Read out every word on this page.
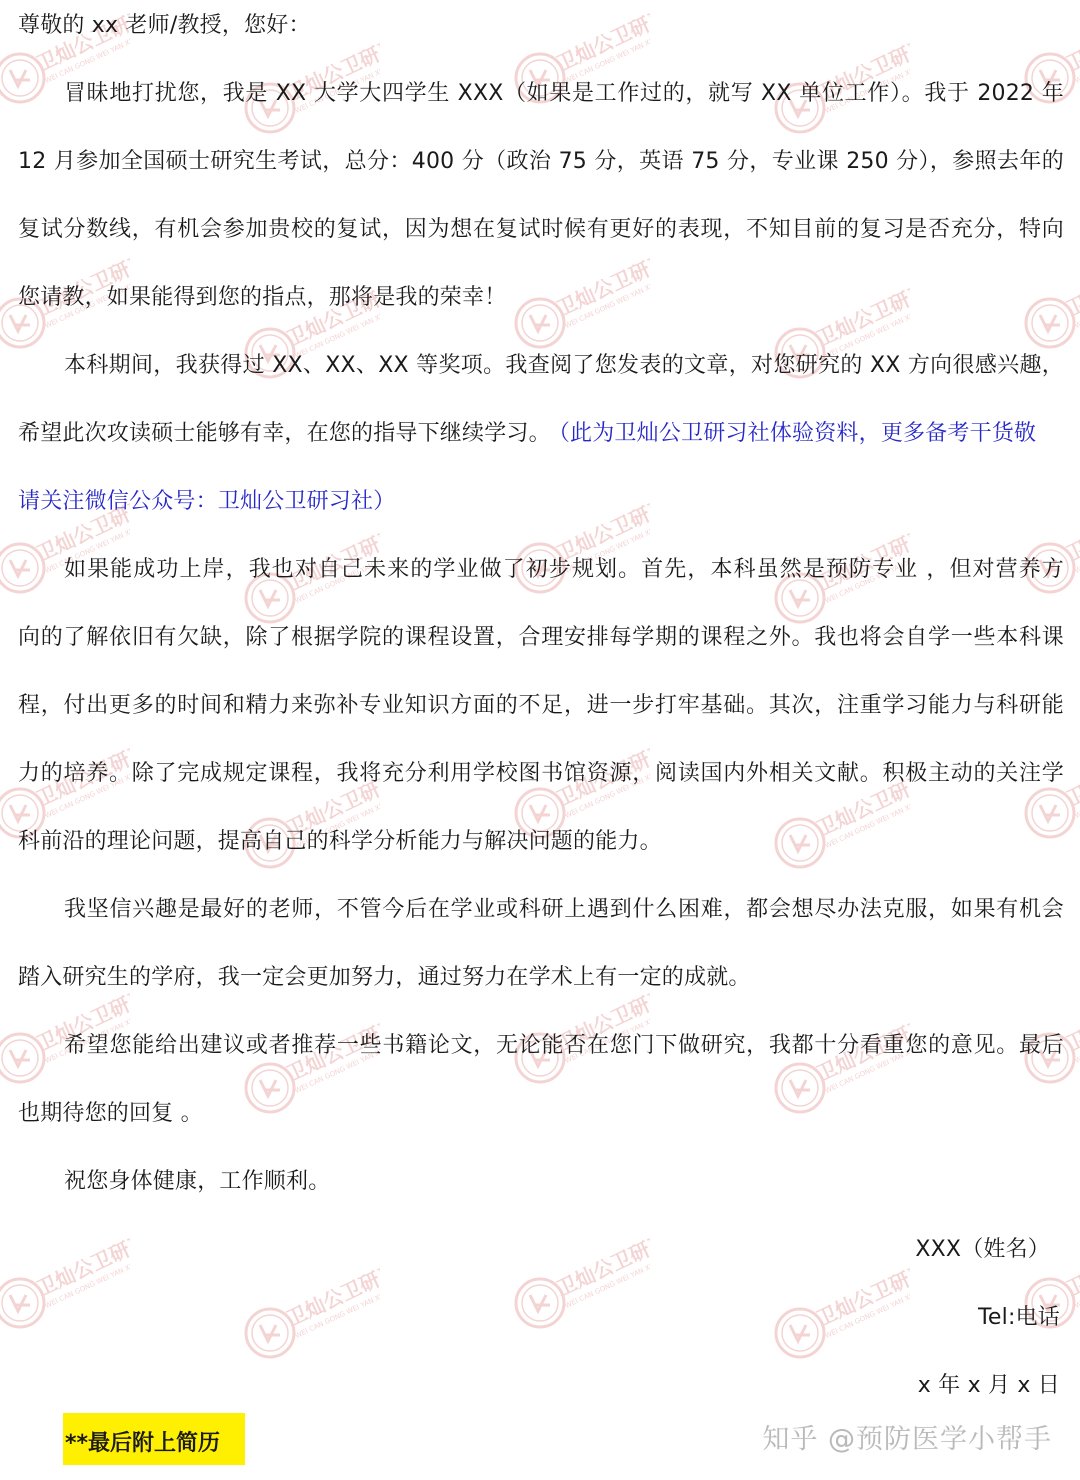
尊敬的 xx 老师/教授，您好：
冒昧地打扰您，我是 XX 大学大四学生 XXX（如果是工作过的，就写 XX 单位工作）。我于 2022 年
12 月参加全国硕士研究生考试，总分：400 分（政治 75 分，英语 75 分，专业课 250 分），参照去年的
复试分数线，有机会参加贵校的复试，因为想在复试时候有更好的表现，不知目前的复习是否充分，特向
您请教，如果能得到您的指点，那将是我的荣幸！
本科期间，我获得过 XX、XX、XX 等奖项。我查阅了您发表的文章，对您研究的 XX 方向很感兴趣，
希望此次攻读硕士能够有幸，在您的指导下继续学习。 （此为卫灿公卫研习社体验资料，更多备考干货敬
请关注微信公众号：卫灿公卫研习社）
如果能成功上岸，我也对自己未来的学业做了初步规划。首先，本科虽然是预防专业 ，但对营养方
向的了解依旧有欠缺，除了根据学院的课程设置，合理安排每学期的课程之外。我也将会自学一些本科课
程，付出更多的时间和精力来弥补专业知识方面的不足，进一步打牢基础。其次，注重学习能力与科研能
力的培养。除了完成规定课程，我将充分利用学校图书馆资源，阅读国内外相关文献。积极主动的关注学
科前沿的理论问题，提高自己的科学分析能力与解决问题的能力。
我坚信兴趣是最好的老师，不管今后在学业或科研上遇到什么困难，都会想尽办法克服，如果有机会
踏入研究生的学府，我一定会更加努力，通过努力在学术上有一定的成就。
希望您能给出建议或者推荐一些书籍论文，无论能否在您门下做研究，我都十分看重您的意见。最后
也期待您的回复 。
祝您身体健康，工作顺利。
XXX（姓名）
Tel:电话
x 年 x 月 x 日
**最后附上简历	知乎 @预防医学小帮手
